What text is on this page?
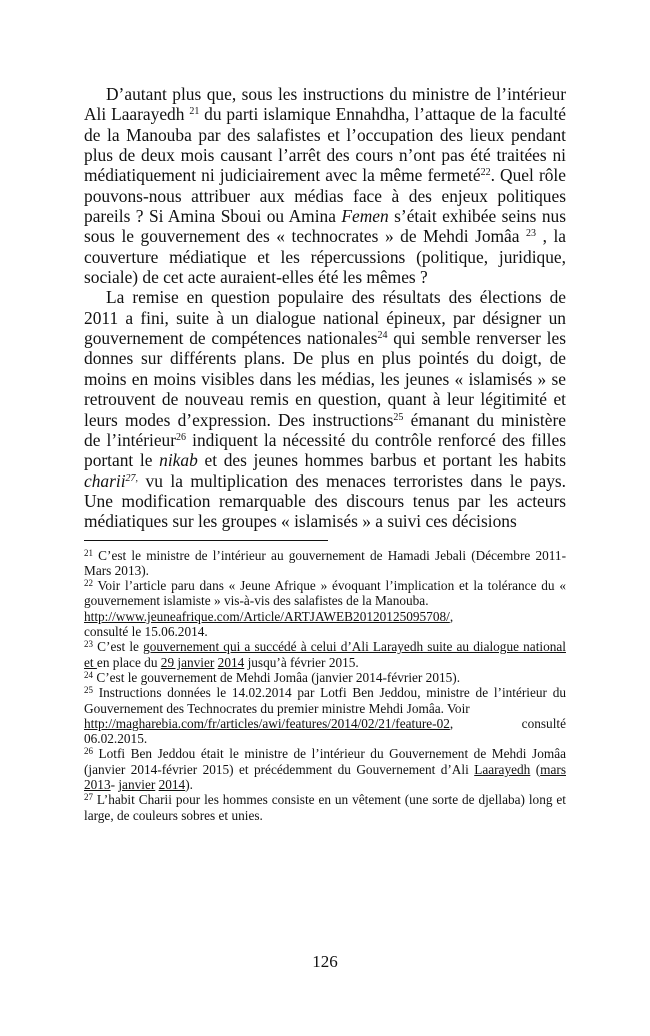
D’autant plus que, sous les instructions du ministre de l’intérieur Ali Laarayedh $^{21}$ du parti islamique Ennahdha, l’attaque de la faculté de la Manouba par des salafistes et l’occupation des lieux pendant plus de deux mois causant l’arrêt des cours n’ont pas été traitées ni médiatiquement ni judiciairement avec la même fermeté$^{22}$. Quel rôle pouvons-nous attribuer aux médias face à des enjeux politiques pareils ? Si Amina Sboui ou Amina Femen s’était exhibée seins nus sous le gouvernement des « technocrates » de Mehdi Jomâa $^{23}$ , la couverture médiatique et les répercussions (politique, juridique, sociale) de cet acte auraient-elles été les mêmes ?

La remise en question populaire des résultats des élections de 2011 a fini, suite à un dialogue national épineux, par désigner un gouvernement de compétences nationales$^{24}$ qui semble renverser les donnes sur différents plans. De plus en plus pointés du doigt, de moins en moins visibles dans les médias, les jeunes « islamisés » se retrouvent de nouveau remis en question, quant à leur légitimité et leurs modes d’expression. Des instructions$^{25}$ émanant du ministère de l’intérieur$^{26}$ indiquent la nécessité du contrôle renforcé des filles portant le nikab et des jeunes hommes barbus et portant les habits charii$^{27,}$ vu la multiplication des menaces terroristes dans le pays. Une modification remarquable des discours tenus par les acteurs médiatiques sur les groupes « islamisés » a suivi ces décisions

$^{21}$ C’est le ministre de l’intérieur au gouvernement de Hamadi Jebali (Décembre 2011-Mars 2013).

$^{22}$ Voir l’article paru dans « Jeune Afrique » évoquant l’implication et la tolérance du « gouvernement islamiste » vis-à-vis des salafistes de la Manouba.
http://www.jeuneafrique.com/Article/ARTJAWEB20120125095708/,
consulté le 15.06.2014.

$^{23}$ C’est le gouvernement qui a succédé à celui d’Ali Larayedh suite au dialogue national et en place du 29 janvier 2014 jusqu’à février 2015.

$^{24}$ C’est le gouvernement de Mehdi Jomâa (janvier 2014-février 2015).

$^{25}$ Instructions données le 14.02.2014 par Lotfi Ben Jeddou, ministre de l’intérieur du Gouvernement des Technocrates du premier ministre Mehdi Jomâa. Voir
http://magharebia.com/fr/articles/awi/features/2014/02/21/feature-02, consulté 06.02.2015.

$^{26}$ Lotfi Ben Jeddou était le ministre de l’intérieur du Gouvernement de Mehdi Jomâa (janvier 2014-février 2015) et précédemment du Gouvernement d’Ali Laarayedh (mars 2013- janvier 2014).

$^{27}$ L’habit Charii pour les hommes consiste en un vêtement (une sorte de djellaba) long et large, de couleurs sobres et unies.

126
